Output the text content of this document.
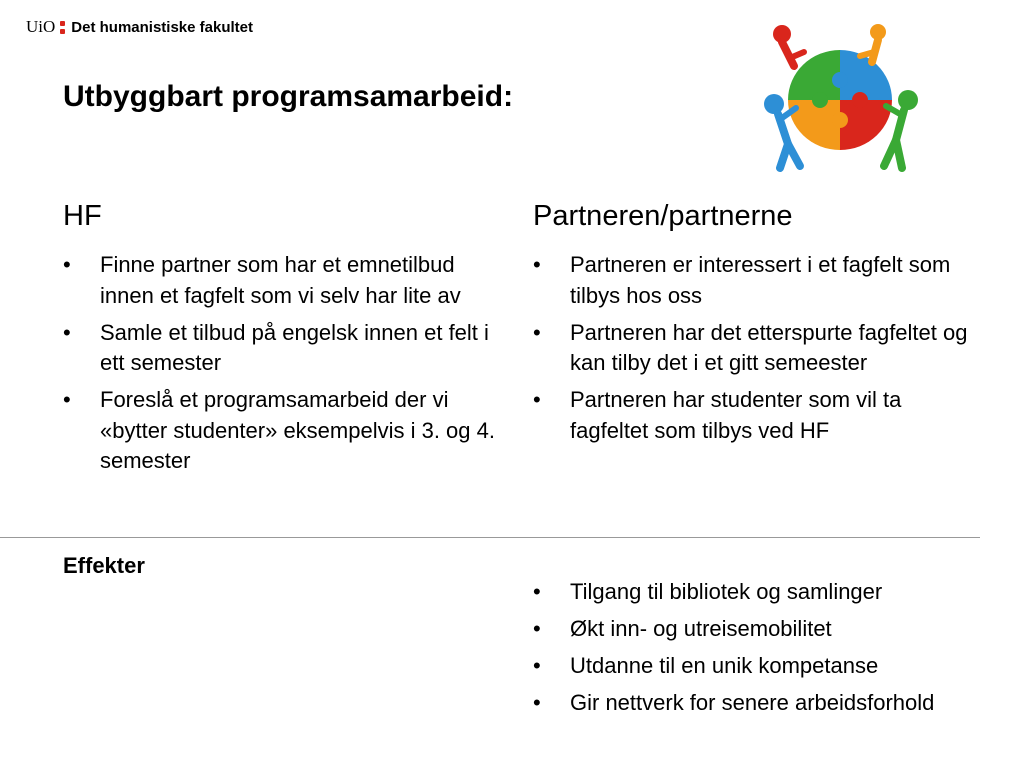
UiO Det humanistiske fakultet
Utbyggbart programsamarbeid:
HF	Partneren/partnerne
• Finne partner som har et emnetilbud innen et fagfelt som vi selv har lite av
• Samle et tilbud på engelsk innen et felt i ett semester
• Foreslå et programsamarbeid der vi «bytter studenter» eksempelvis i 3. og 4. semester
• Partneren er interessert i et fagfelt som tilbys hos oss
• Partneren har det etterspurte fagfeltet og kan tilby det i et gitt semeester
• Partneren har studenter som vil ta fagfeltet som tilbys ved HF

Effekter

• Tilgang til bibliotek og samlinger
• Økt inn- og utreisemobilitet
• Utdanne til en unik kompetanse
• Gir nettverk for senere arbeidsforhold
